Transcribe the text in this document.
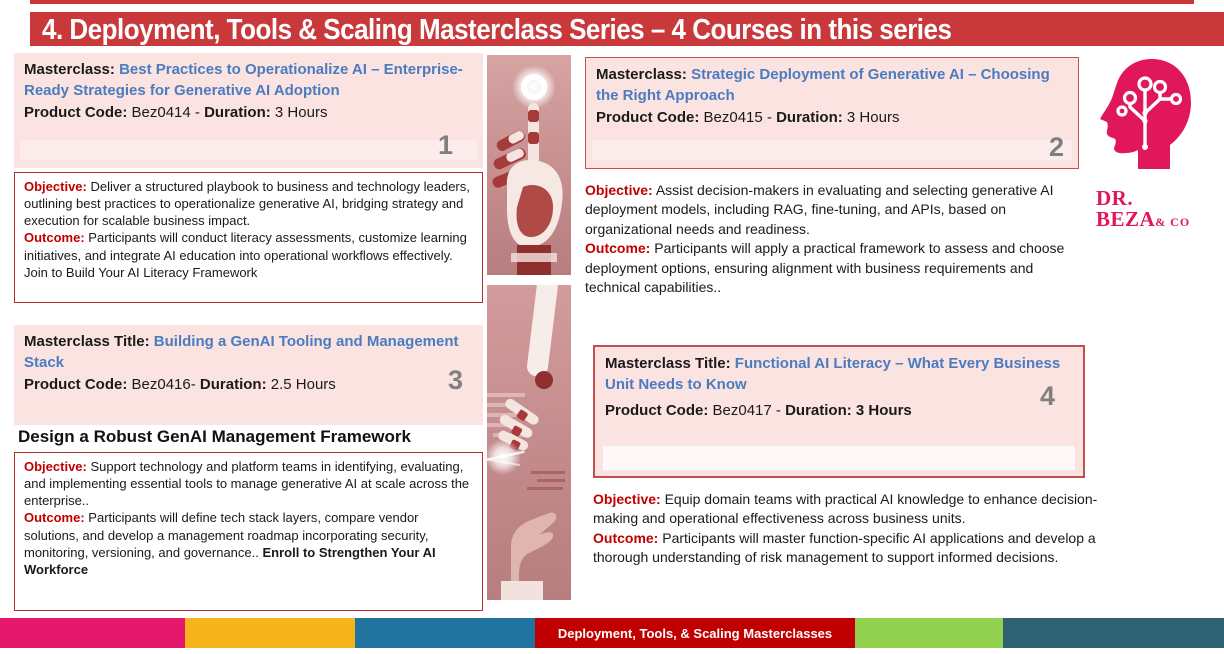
4. Deployment, Tools & Scaling Masterclass Series – 4 Courses in this series

Masterclass: Best Practices to Operationalize AI – Enterprise-Ready Strategies for Generative AI Adoption

Product Code: Bez0414 - Duration: 3 Hours

1

Objective: Deliver a structured playbook to business and technology leaders, outlining best practices to operationalize generative AI, bridging strategy and execution for scalable business impact.

Outcome: Participants will conduct literacy assessments, customize learning initiatives, and integrate AI education into operational workflows effectively. Join to Build Your AI Literacy Framework

Masterclass Title: Building a GenAI Tooling and Management Stack

Product Code: Bez0416- Duration: 2.5 Hours	3
Design a Robust GenAI Management Framework

Objective: Support technology and platform teams in identifying, evaluating, and implementing essential tools to manage generative AI at scale across the enterprise..

Outcome: Participants will define tech stack layers, compare vendor solutions, and develop a management roadmap incorporating security, monitoring, versioning, and governance.. Enroll to Strengthen Your AI Workforce

Masterclass: Strategic Deployment of Generative AI – Choosing the Right Approach

Product Code: Bez0415 - Duration: 3 Hours

2

Objective: Assist decision-makers in evaluating and selecting generative AI deployment models, including RAG, fine-tuning, and APIs, based on organizational needs and readiness.

Outcome: Participants will apply a practical framework to assess and choose deployment options, ensuring alignment with business requirements and technical capabilities..

Masterclass Title: Functional AI Literacy – What Every Business Unit Needs to Know

Product Code: Bez0417 - Duration: 3 Hours	4

Objective: Equip domain teams with practical AI knowledge to enhance decision-making and operational effectiveness across business units.

Outcome: Participants will master function-specific AI applications and develop a thorough understanding of risk management to support informed decisions.

DR.
BEZA& CO
Deployment, Tools, & Scaling Masterclasses
